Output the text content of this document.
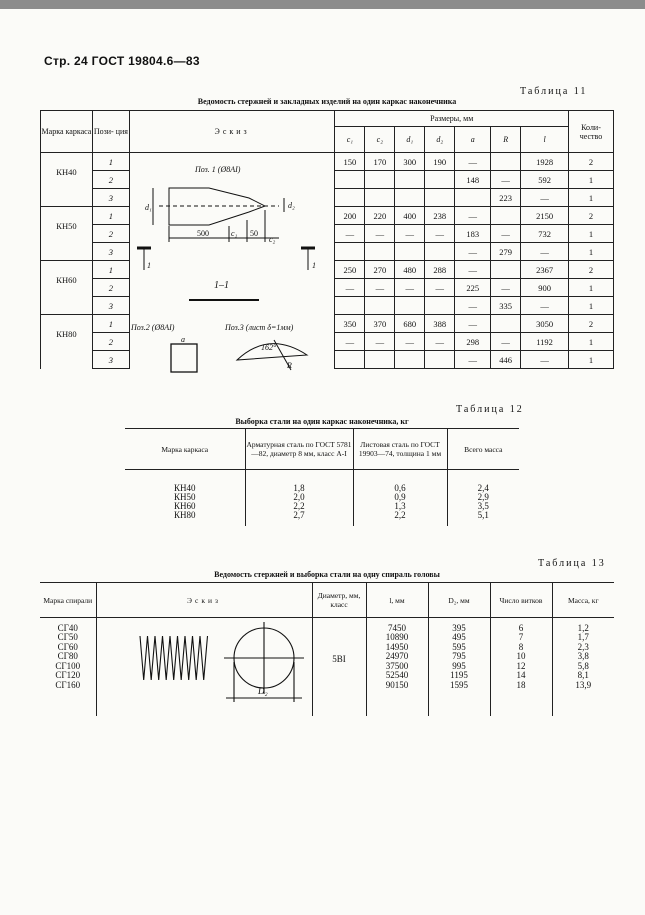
Стр. 24 ГОСТ 19804.6—83
Таблица 11
Ведомость стержней и закладных изделий на один каркас наконечника
Марка каркаса	Пози- ция	Эскиз	Размеры, мм							Коли- чество
			c₁	c₂	d₁	d₂	a	R	l	
КН40	1		150	170	300	190	—		1928	2
	2						148	—	592	1
	3							223	—	1
КН50	1		200	220	400	238	—		2150	2
	2		—	—	—	—	183	—	732	1
	3						—	279	—	1
КН60	1		250	270	480	288	—		2367	2
	2		—	—	—	—	225	—	900	1
	3						—	335	—	1
КН80	1		350	370	680	388	—		3050	2
	2		—	—	—	—	298	—	1192	1
	3						—	446	—	1
Поз. 1 (Ø8АI)
d₁	d₂
500	c₁ 50
c₂
1	1
1–1
Поз.2 (Ø8АI)
a
Поз.3 (лист δ=1мм)
162°
R
Таблица 12
Выборка стали на один каркас наконечника, кг
Марка каркаса	Арматурная сталь по ГОСТ 5781—82, диаметр 8 мм, класс А-I	Листовая сталь по ГОСТ 19903—74, толщина 1 мм	Всего масса

КН40	1,8	0,6	2,4
КН50	2,0	0,9	2,9
КН60	2,2	1,3	3,5
КН80	2,7	2,2	5,1

Таблица 13
Ведомость стержней и выборка стали на одну спираль головы
Марка спирали	Эскиз	Диаметр, мм, класс	l, мм	D₂, мм	Число витков	Масса, кг

СГ40		5ВI	7450	395	6	1,2
СГ50			10890	495	7	1,7
СГ60			14950	595	8	2,3
СГ80			24970	795	10	3,8
СГ100			37500	995	12	5,8
СГ120			52540	1195	14	8,1
СГ160			90150	1595	18	13,9

D₂
